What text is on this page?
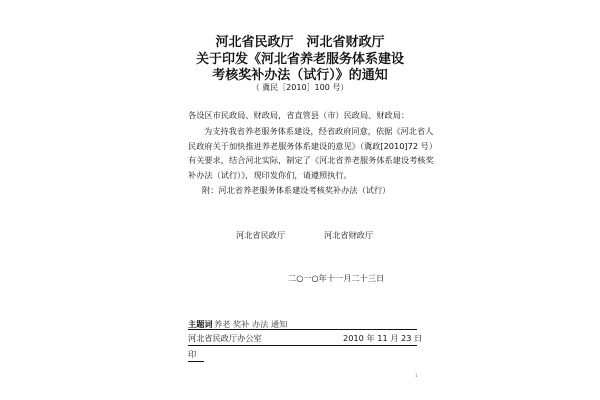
河北省民政厅　河北省财政厅
关于印发《河北省养老服务体系建设
考核奖补办法（试行）》的通知
（ 冀民［2010］100 号）
各设区市民政局、财政局，省直管县（市）民政局、财政局：
为支持我省养老服务体系建设，经省政府同意，依据《河北省人
民政府关于加快推进养老服务体系建设的意见》（冀政[2010]72 号）
有关要求，结合河北实际，制定了《河北省养老服务体系建设考核奖
补办法（试行）》，现印发你们，请遵照执行。
附：河北省养老服务体系建设考核奖补办法（试行）
河北省民政厅	河北省财政厅
二○一○年十一月二十三日
主题词 养老 奖补 办法 通知
河北省民政厅办公室	2010 年 11 月 23 日
印
1
